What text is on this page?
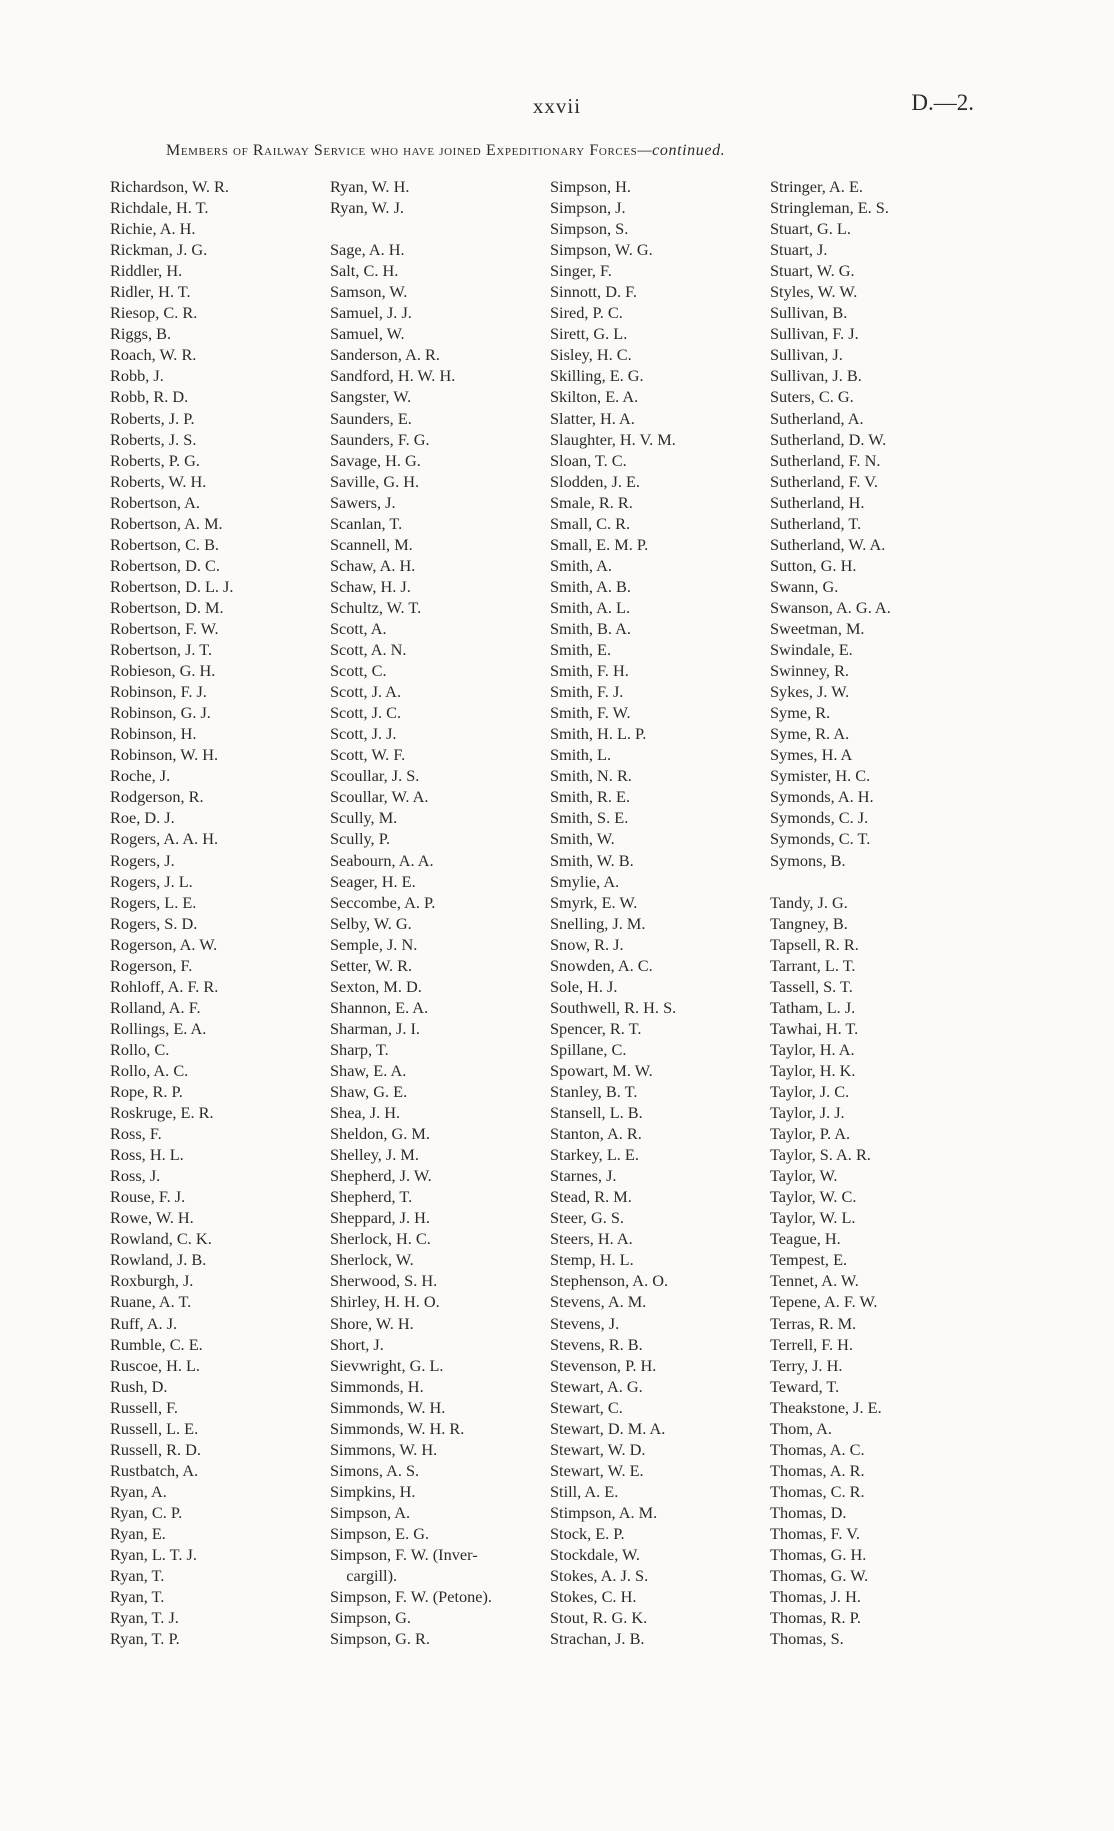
xxvii	D.—2.
Members of Railway Service who have joined Expeditionary Forces—continued.
Richardson, W. R.
Richdale, H. T.
Richie, A. H.
Rickman, J. G.
Riddler, H.
Ridler, H. T.
Riesop, C. R.
Riggs, B.
Roach, W. R.
Robb, J.
Robb, R. D.
Roberts, J. P.
Roberts, J. S.
Roberts, P. G.
Roberts, W. H.
Robertson, A.
Robertson, A. M.
Robertson, C. B.
Robertson, D. C.
Robertson, D. L. J.
Robertson, D. M.
Robertson, F. W.
Robertson, J. T.
Robieson, G. H.
Robinson, F. J.
Robinson, G. J.
Robinson, H.
Robinson, W. H.
Roche, J.
Rodgerson, R.
Roe, D. J.
Rogers, A. A. H.
Rogers, J.
Rogers, J. L.
Rogers, L. E.
Rogers, S. D.
Rogerson, A. W.
Rogerson, F.
Rohloff, A. F. R.
Rolland, A. F.
Rollings, E. A.
Rollo, C.
Rollo, A. C.
Rope, R. P.
Roskruge, E. R.
Ross, F.
Ross, H. L.
Ross, J.
Rouse, F. J.
Rowe, W. H.
Rowland, C. K.
Rowland, J. B.
Roxburgh, J.
Ruane, A. T.
Ruff, A. J.
Rumble, C. E.
Ruscoe, H. L.
Rush, D.
Russell, F.
Russell, L. E.
Russell, R. D.
Rustbatch, A.
Ryan, A.
Ryan, C. P.
Ryan, E.
Ryan, L. T. J.
Ryan, T.
Ryan, T.
Ryan, T. J.
Ryan, T. P.
Ryan, W. H.
Ryan, W. J.
Sage, A. H.
Salt, C. H.
Samson, W.
Samuel, J. J.
Samuel, W.
Sanderson, A. R.
Sandford, H. W. H.
Sangster, W.
Saunders, E.
Saunders, F. G.
Savage, H. G.
Saville, G. H.
Sawers, J.
Scanlan, T.
Scannell, M.
Schaw, A. H.
Schaw, H. J.
Schultz, W. T.
Scott, A.
Scott, A. N.
Scott, C.
Scott, J. A.
Scott, J. C.
Scott, J. J.
Scott, W. F.
Scoullar, J. S.
Scoullar, W. A.
Scully, M.
Scully, P.
Seabourn, A. A.
Seager, H. E.
Seccombe, A. P.
Selby, W. G.
Semple, J. N.
Setter, W. R.
Sexton, M. D.
Shannon, E. A.
Sharman, J. I.
Sharp, T.
Shaw, E. A.
Shaw, G. E.
Shea, J. H.
Sheldon, G. M.
Shelley, J. M.
Shepherd, J. W.
Shepherd, T.
Sheppard, J. H.
Sherlock, H. C.
Sherlock, W.
Sherwood, S. H.
Shirley, H. H. O.
Shore, W. H.
Short, J.
Sievwright, G. L.
Simmonds, H.
Simmonds, W. H.
Simmonds, W. H. R.
Simmons, W. H.
Simons, A. S.
Simpkins, H.
Simpson, A.
Simpson, E. G.
Simpson, F. W. (Inver-
cargill).
Simpson, F. W. (Petone).
Simpson, G.
Simpson, G. R.
Simpson, H.
Simpson, J.
Simpson, S.
Simpson, W. G.
Singer, F.
Sinnott, D. F.
Sired, P. C.
Sirett, G. L.
Sisley, H. C.
Skilling, E. G.
Skilton, E. A.
Slatter, H. A.
Slaughter, H. V. M.
Sloan, T. C.
Slodden, J. E.
Smale, R. R.
Small, C. R.
Small, E. M. P.
Smith, A.
Smith, A. B.
Smith, A. L.
Smith, B. A.
Smith, E.
Smith, F. H.
Smith, F. J.
Smith, F. W.
Smith, H. L. P.
Smith, L.
Smith, N. R.
Smith, R. E.
Smith, S. E.
Smith, W.
Smith, W. B.
Smylie, A.
Smyrk, E. W.
Snelling, J. M.
Snow, R. J.
Snowden, A. C.
Sole, H. J.
Southwell, R. H. S.
Spencer, R. T.
Spillane, C.
Spowart, M. W.
Stanley, B. T.
Stansell, L. B.
Stanton, A. R.
Starkey, L. E.
Starnes, J.
Stead, R. M.
Steer, G. S.
Steers, H. A.
Stemp, H. L.
Stephenson, A. O.
Stevens, A. M.
Stevens, J.
Stevens, R. B.
Stevenson, P. H.
Stewart, A. G.
Stewart, C.
Stewart, D. M. A.
Stewart, W. D.
Stewart, W. E.
Still, A. E.
Stimpson, A. M.
Stock, E. P.
Stockdale, W.
Stokes, A. J. S.
Stokes, C. H.
Stout, R. G. K.
Strachan, J. B.
Stringer, A. E.
Stringleman, E. S.
Stuart, G. L.
Stuart, J.
Stuart, W. G.
Styles, W. W.
Sullivan, B.
Sullivan, F. J.
Sullivan, J.
Sullivan, J. B.
Suters, C. G.
Sutherland, A.
Sutherland, D. W.
Sutherland, F. N.
Sutherland, F. V.
Sutherland, H.
Sutherland, T.
Sutherland, W. A.
Sutton, G. H.
Swann, G.
Swanson, A. G. A.
Sweetman, M.
Swindale, E.
Swinney, R.
Sykes, J. W.
Syme, R.
Syme, R. A.
Symes, H. A
Symister, H. C.
Symonds, A. H.
Symonds, C. J.
Symonds, C. T.
Symons, B.
Tandy, J. G.
Tangney, B.
Tapsell, R. R.
Tarrant, L. T.
Tassell, S. T.
Tatham, L. J.
Tawhai, H. T.
Taylor, H. A.
Taylor, H. K.
Taylor, J. C.
Taylor, J. J.
Taylor, P. A.
Taylor, S. A. R.
Taylor, W.
Taylor, W. C.
Taylor, W. L.
Teague, H.
Tempest, E.
Tennet, A. W.
Tepene, A. F. W.
Terras, R. M.
Terrell, F. H.
Terry, J. H.
Teward, T.
Theakstone, J. E.
Thom, A.
Thomas, A. C.
Thomas, A. R.
Thomas, C. R.
Thomas, D.
Thomas, F. V.
Thomas, G. H.
Thomas, G. W.
Thomas, J. H.
Thomas, R. P.
Thomas, S.
